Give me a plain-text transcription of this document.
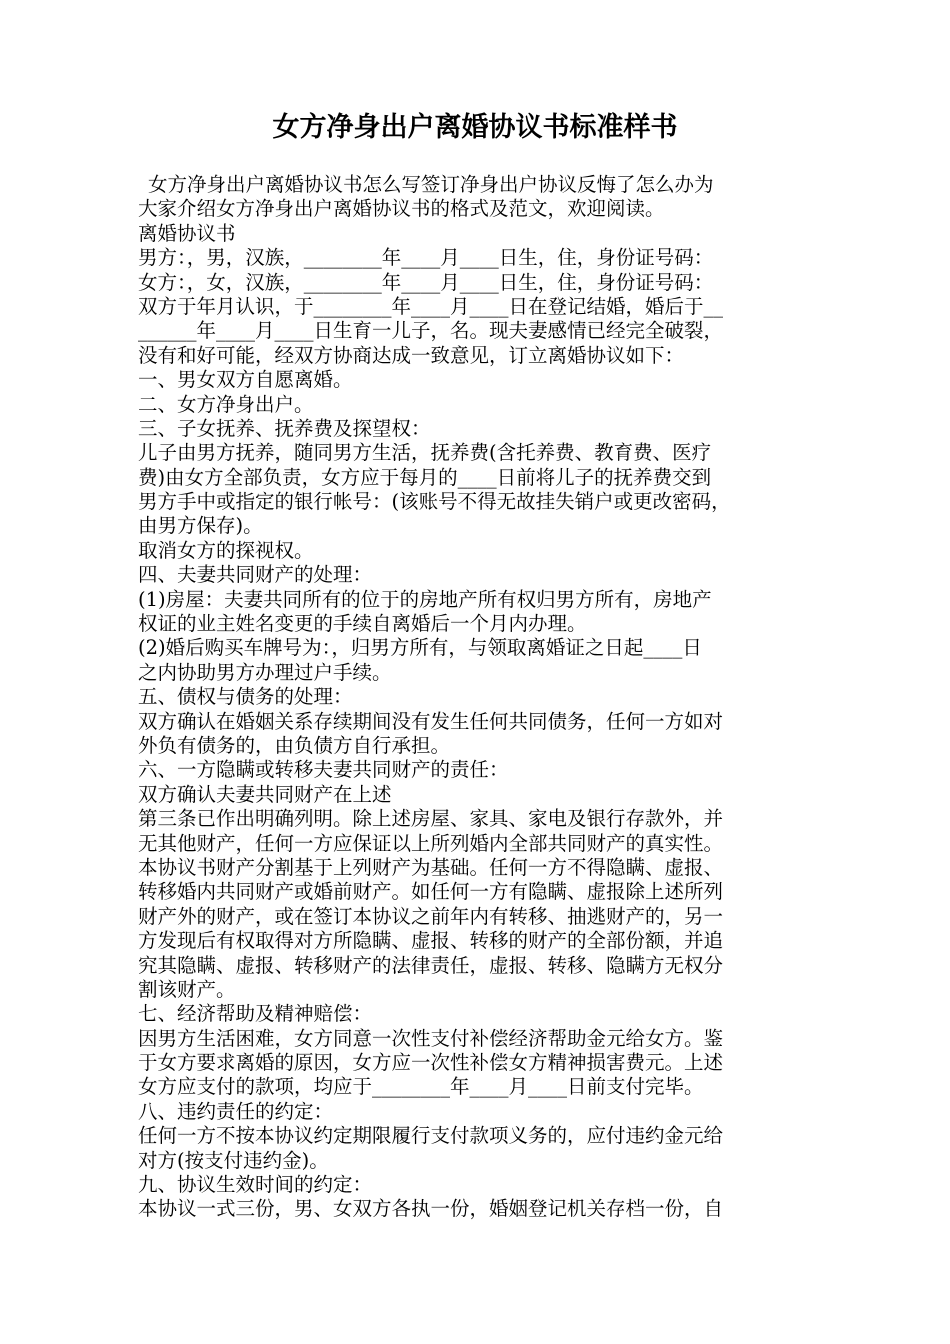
女方净身出户离婚协议书标准样书
女方净身出户离婚协议书怎么写签订净身出户协议反悔了怎么办为
大家介绍女方净身出户离婚协议书的格式及范文，欢迎阅读。
离婚协议书
男方：，男，汉族，________年____月____日生，住，身份证号码：
女方：，女，汉族，________年____月____日生，住，身份证号码：
双方于年月认识，于________年____月____日在登记结婚，婚后于__
______年____月____日生育一儿子，名。现夫妻感情已经完全破裂，
没有和好可能，经双方协商达成一致意见，订立离婚协议如下：
一、男女双方自愿离婚。
二、女方净身出户。
三、子女抚养、抚养费及探望权：
儿子由男方抚养，随同男方生活，抚养费(含托养费、教育费、医疗
费)由女方全部负责，女方应于每月的____日前将儿子的抚养费交到
男方手中或指定的银行帐号：(该账号不得无故挂失销户或更改密码，
由男方保存)。
取消女方的探视权。
四、夫妻共同财产的处理：
(1)房屋：夫妻共同所有的位于的房地产所有权归男方所有，房地产
权证的业主姓名变更的手续自离婚后一个月内办理。
(2)婚后购买车牌号为：，归男方所有，与领取离婚证之日起____日
之内协助男方办理过户手续。
五、债权与债务的处理：
双方确认在婚姻关系存续期间没有发生任何共同债务，任何一方如对
外负有债务的，由负债方自行承担。
六、一方隐瞒或转移夫妻共同财产的责任：
双方确认夫妻共同财产在上述
第三条已作出明确列明。除上述房屋、家具、家电及银行存款外，并
无其他财产，任何一方应保证以上所列婚内全部共同财产的真实性。
本协议书财产分割基于上列财产为基础。任何一方不得隐瞒、虚报、
转移婚内共同财产或婚前财产。如任何一方有隐瞒、虚报除上述所列
财产外的财产，或在签订本协议之前年内有转移、抽逃财产的，另一
方发现后有权取得对方所隐瞒、虚报、转移的财产的全部份额，并追
究其隐瞒、虚报、转移财产的法律责任，虚报、转移、隐瞒方无权分
割该财产。
七、经济帮助及精神赔偿：
因男方生活困难，女方同意一次性支付补偿经济帮助金元给女方。鉴
于女方要求离婚的原因，女方应一次性补偿女方精神损害费元。上述
女方应支付的款项，均应于________年____月____日前支付完毕。
八、违约责任的约定：
任何一方不按本协议约定期限履行支付款项义务的，应付违约金元给
对方(按支付违约金)。
九、协议生效时间的约定：
本协议一式三份，男、女双方各执一份，婚姻登记机关存档一份，自
